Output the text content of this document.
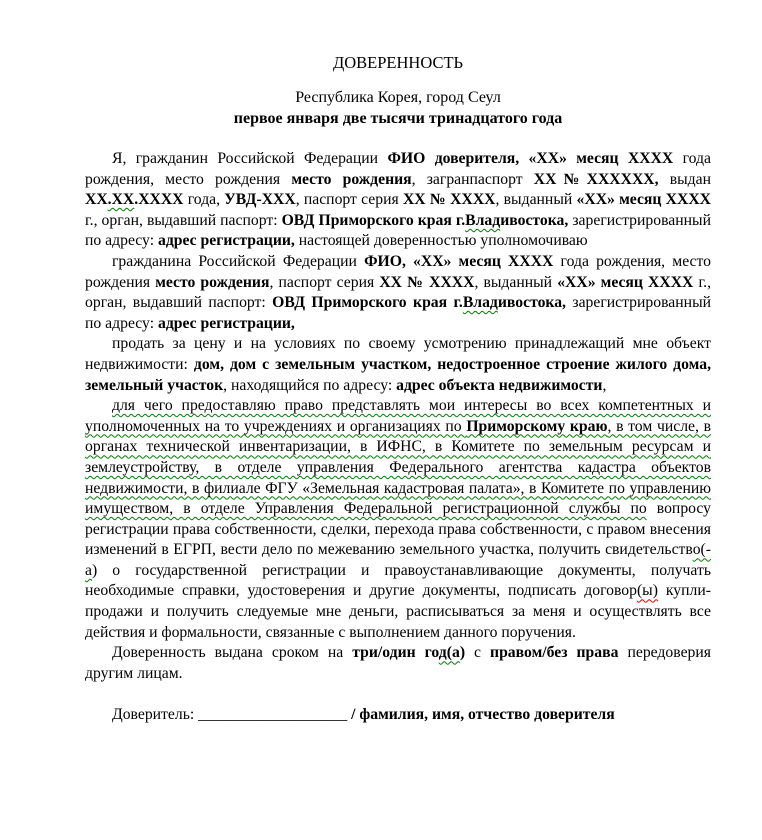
ДОВЕРЕННОСТЬ
Республика Корея, город Сеул
первое января две тысячи тринадцатого года

Я, гражданин Российской Федерации ФИО доверителя, «ХХ» месяц ХХХХ года рождения, место рождения место рождения, загранпаспорт ХХ№ХХХХХХ, выдан ХХ.ХХ.ХХХХ года, УВД-ХХХ, паспорт серия ХХ № ХХХХ, выданный «ХХ» месяц ХХХХ г., орган, выдавший паспорт: ОВД Приморского края г.Владивостока, зарегистрированный по адресу: адрес регистрации, настоящей доверенностью уполномочиваю

гражданина Российской Федерации ФИО, «ХХ» месяц ХХХХ года рождения, место рождения место рождения, паспорт серия ХХ № ХХХХ, выданный «ХХ» месяц ХХХХ г., орган, выдавший паспорт: ОВД Приморского края г.Владивостока, зарегистрированный по адресу: адрес регистрации,

продать за цену и на условиях по своему усмотрению принадлежащий мне объект недвижимости: дом, дом с земельным участком, недостроенное строение жилого дома, земельный участок, находящийся по адресу: адрес объекта недвижимости,

для чего предоставляю право представлять мои интересы во всех компетентных и уполномоченных на то учреждениях и организациях по Приморскому краю, в том числе, в органах технической инвентаризации, в ИФНС, в Комитете по земельным ресурсам и землеустройству, в отделе управления Федерального агентства кадастра объектов недвижимости, в филиале ФГУ «Земельная кадастровая палата», в Комитете по управлению имуществом, в отделе Управления Федеральной регистрационной службы по вопросу регистрации права собственности, сделки, перехода права собственности, с правом внесения изменений в ЕГРП, вести дело по межеванию земельного участка, получить свидетельство(-а) о государственной регистрации и правоустанавливающие документы, получать необходимые справки, удостоверения и другие документы, подписать договор(ы) купли-продажи и получить следуемые мне деньги, расписываться за меня и осуществлять все действия и формальности, связанные с выполнением данного поручения.

Доверенность выдана сроком на три/один год(а) с правом/без права передоверия другим лицам.

Доверитель: ___________________ / фамилия, имя, отчество доверителя
